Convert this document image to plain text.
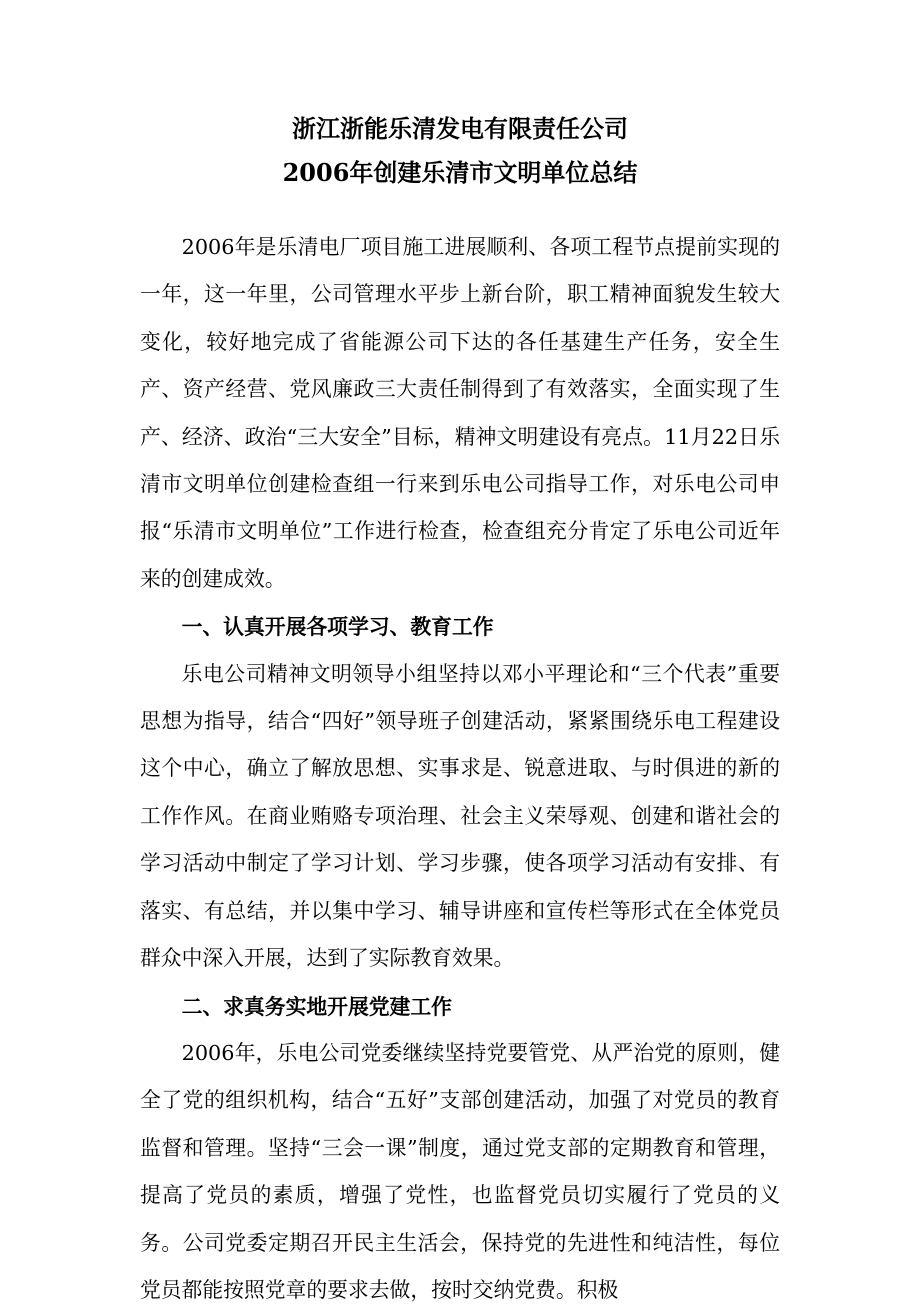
浙江浙能乐清发电有限责任公司
2006年创建乐清市文明单位总结

2006年是乐清电厂项目施工进展顺利、各项工程节点提前实现的一年，这一年里，公司管理水平步上新台阶，职工精神面貌发生较大变化，较好地完成了省能源公司下达的各任基建生产任务，安全生产、资产经营、党风廉政三大责任制得到了有效落实，全面实现了生产、经济、政治“三大安全”目标，精神文明建设有亮点。11月22日乐清市文明单位创建检查组一行来到乐电公司指导工作，对乐电公司申报“乐清市文明单位”工作进行检查，检查组充分肯定了乐电公司近年来的创建成效。

一、认真开展各项学习、教育工作

乐电公司精神文明领导小组坚持以邓小平理论和“三个代表”重要思想为指导，结合“四好”领导班子创建活动，紧紧围绕乐电工程建设这个中心，确立了解放思想、实事求是、锐意进取、与时俱进的新的工作作风。在商业贿赂专项治理、社会主义荣辱观、创建和谐社会的学习活动中制定了学习计划、学习步骤，使各项学习活动有安排、有落实、有总结，并以集中学习、辅导讲座和宣传栏等形式在全体党员群众中深入开展，达到了实际教育效果。

二、求真务实地开展党建工作

2006年，乐电公司党委继续坚持党要管党、从严治党的原则，健全了党的组织机构，结合“五好”支部创建活动，加强了对党员的教育监督和管理。坚持“三会一课”制度，通过党支部的定期教育和管理，提高了党员的素质，增强了党性，也监督党员切实履行了党员的义务。公司党委定期召开民主生活会，保持党的先进性和纯洁性，每位党员都能按照党章的要求去做，按时交纳党费。积极
